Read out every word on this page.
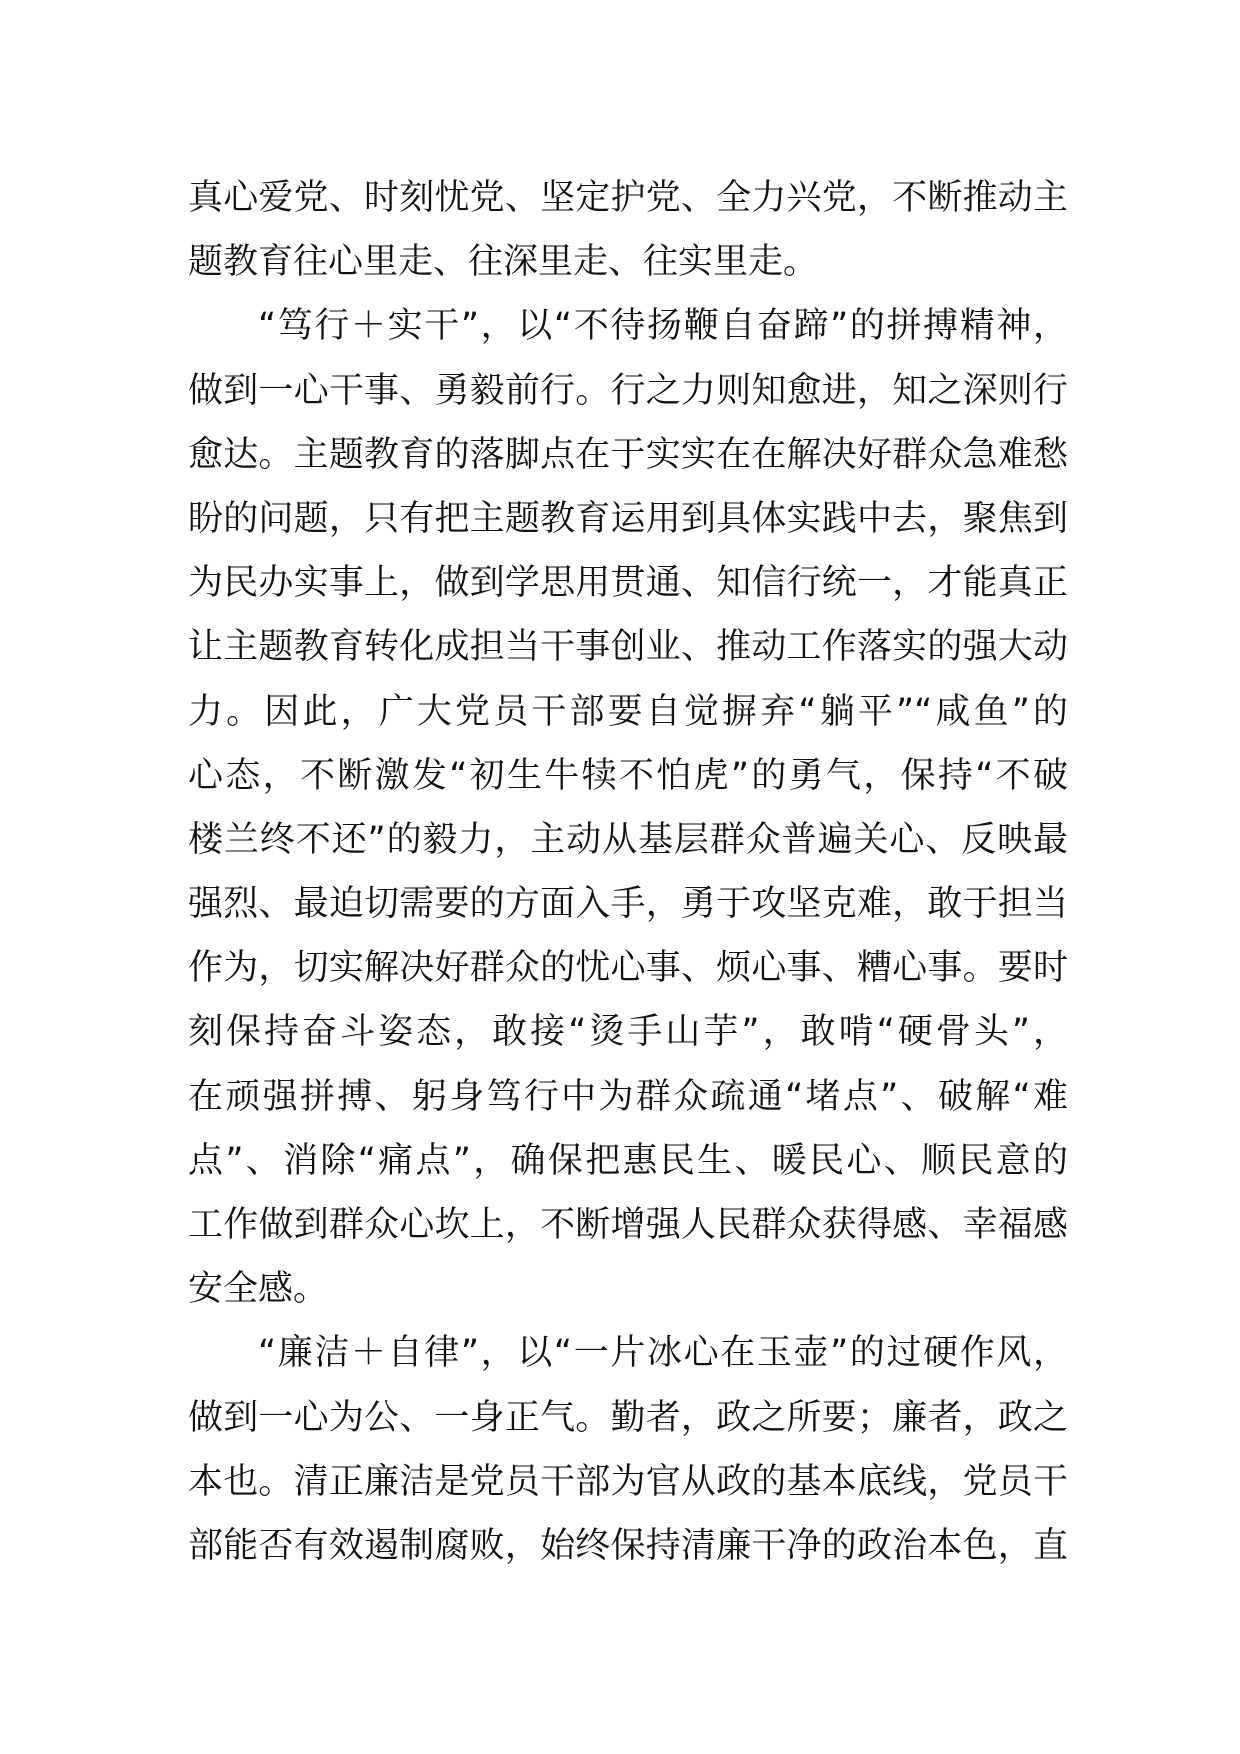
真心爱党、时刻忧党、坚定护党、全力兴党，不断推动主
题教育往心里走、往深里走、往实里走。
“笃行＋实干”，以“不待扬鞭自奋蹄”的拼搏精神，
做到一心干事、勇毅前行。行之力则知愈进，知之深则行
愈达。主题教育的落脚点在于实实在在解决好群众急难愁
盼的问题，只有把主题教育运用到具体实践中去，聚焦到
为民办实事上，做到学思用贯通、知信行统一，才能真正
让主题教育转化成担当干事创业、推动工作落实的强大动
力。因此，广大党员干部要自觉摒弃“躺平”“咸鱼”的
心态，不断激发“初生牛犊不怕虎”的勇气，保持“不破
楼兰终不还”的毅力，主动从基层群众普遍关心、反映最
强烈、最迫切需要的方面入手，勇于攻坚克难，敢于担当
作为，切实解决好群众的忧心事、烦心事、糟心事。要时
刻保持奋斗姿态，敢接“烫手山芋”，敢啃“硬骨头”，
在顽强拼搏、躬身笃行中为群众疏通“堵点”、破解“难
点”、消除“痛点”，确保把惠民生、暖民心、顺民意的
工作做到群众心坎上，不断增强人民群众获得感、幸福感
安全感。
“廉洁＋自律”，以“一片冰心在玉壶”的过硬作风，
做到一心为公、一身正气。勤者，政之所要；廉者，政之
本也。清正廉洁是党员干部为官从政的基本底线，党员干
部能否有效遏制腐败，始终保持清廉干净的政治本色，直
